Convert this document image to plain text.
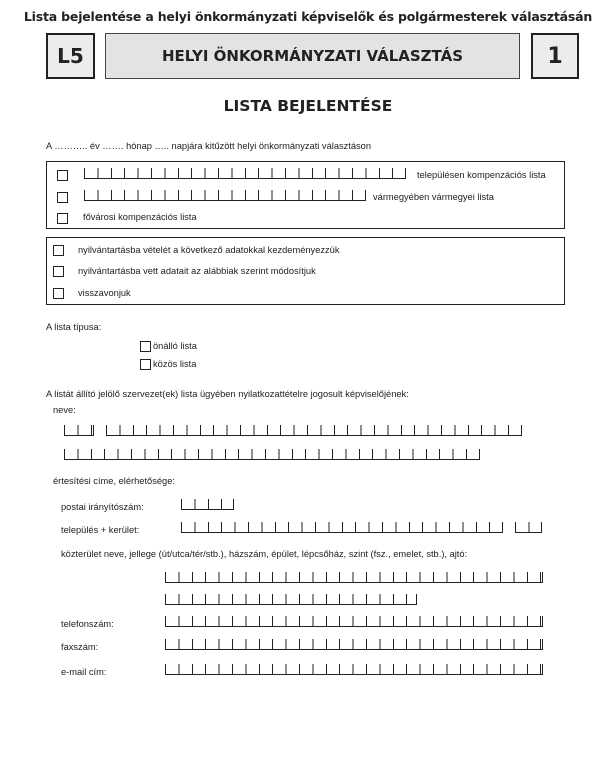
Lista bejelentése a helyi önkormányzati képviselők és polgármesterek választásán
L5	HELYI ÖNKORMÁNYZATI VÁLASZTÁS	1
LISTA BEJELENTÉSE
A ……….. év ……. hónap ….. napjára kitűzött helyi önkormányzati választáson
településen kompenzációs lista
vármegyében vármegyei lista
fővárosi kompenzációs lista
nyilvántartásba vételét a következő adatokkal kezdeményezzük
nyilvántartásba vett adatait az alábbiak szerint módosítjuk
visszavonjuk
A lista típusa:
önálló lista
közös lista
A listát állító jelölő szervezet(ek) lista ügyében nyilatkozattételre jogosult képviselőjének:
neve:
értesítési címe, elérhetősége:
postai irányítószám:
település + kerület:
közterület neve, jellege (út/utca/tér/stb.), házszám, épület, lépcsőház, szint (fsz., emelet, stb.), ajtó:
telefonszám:
faxszám:
e-mail cím:
